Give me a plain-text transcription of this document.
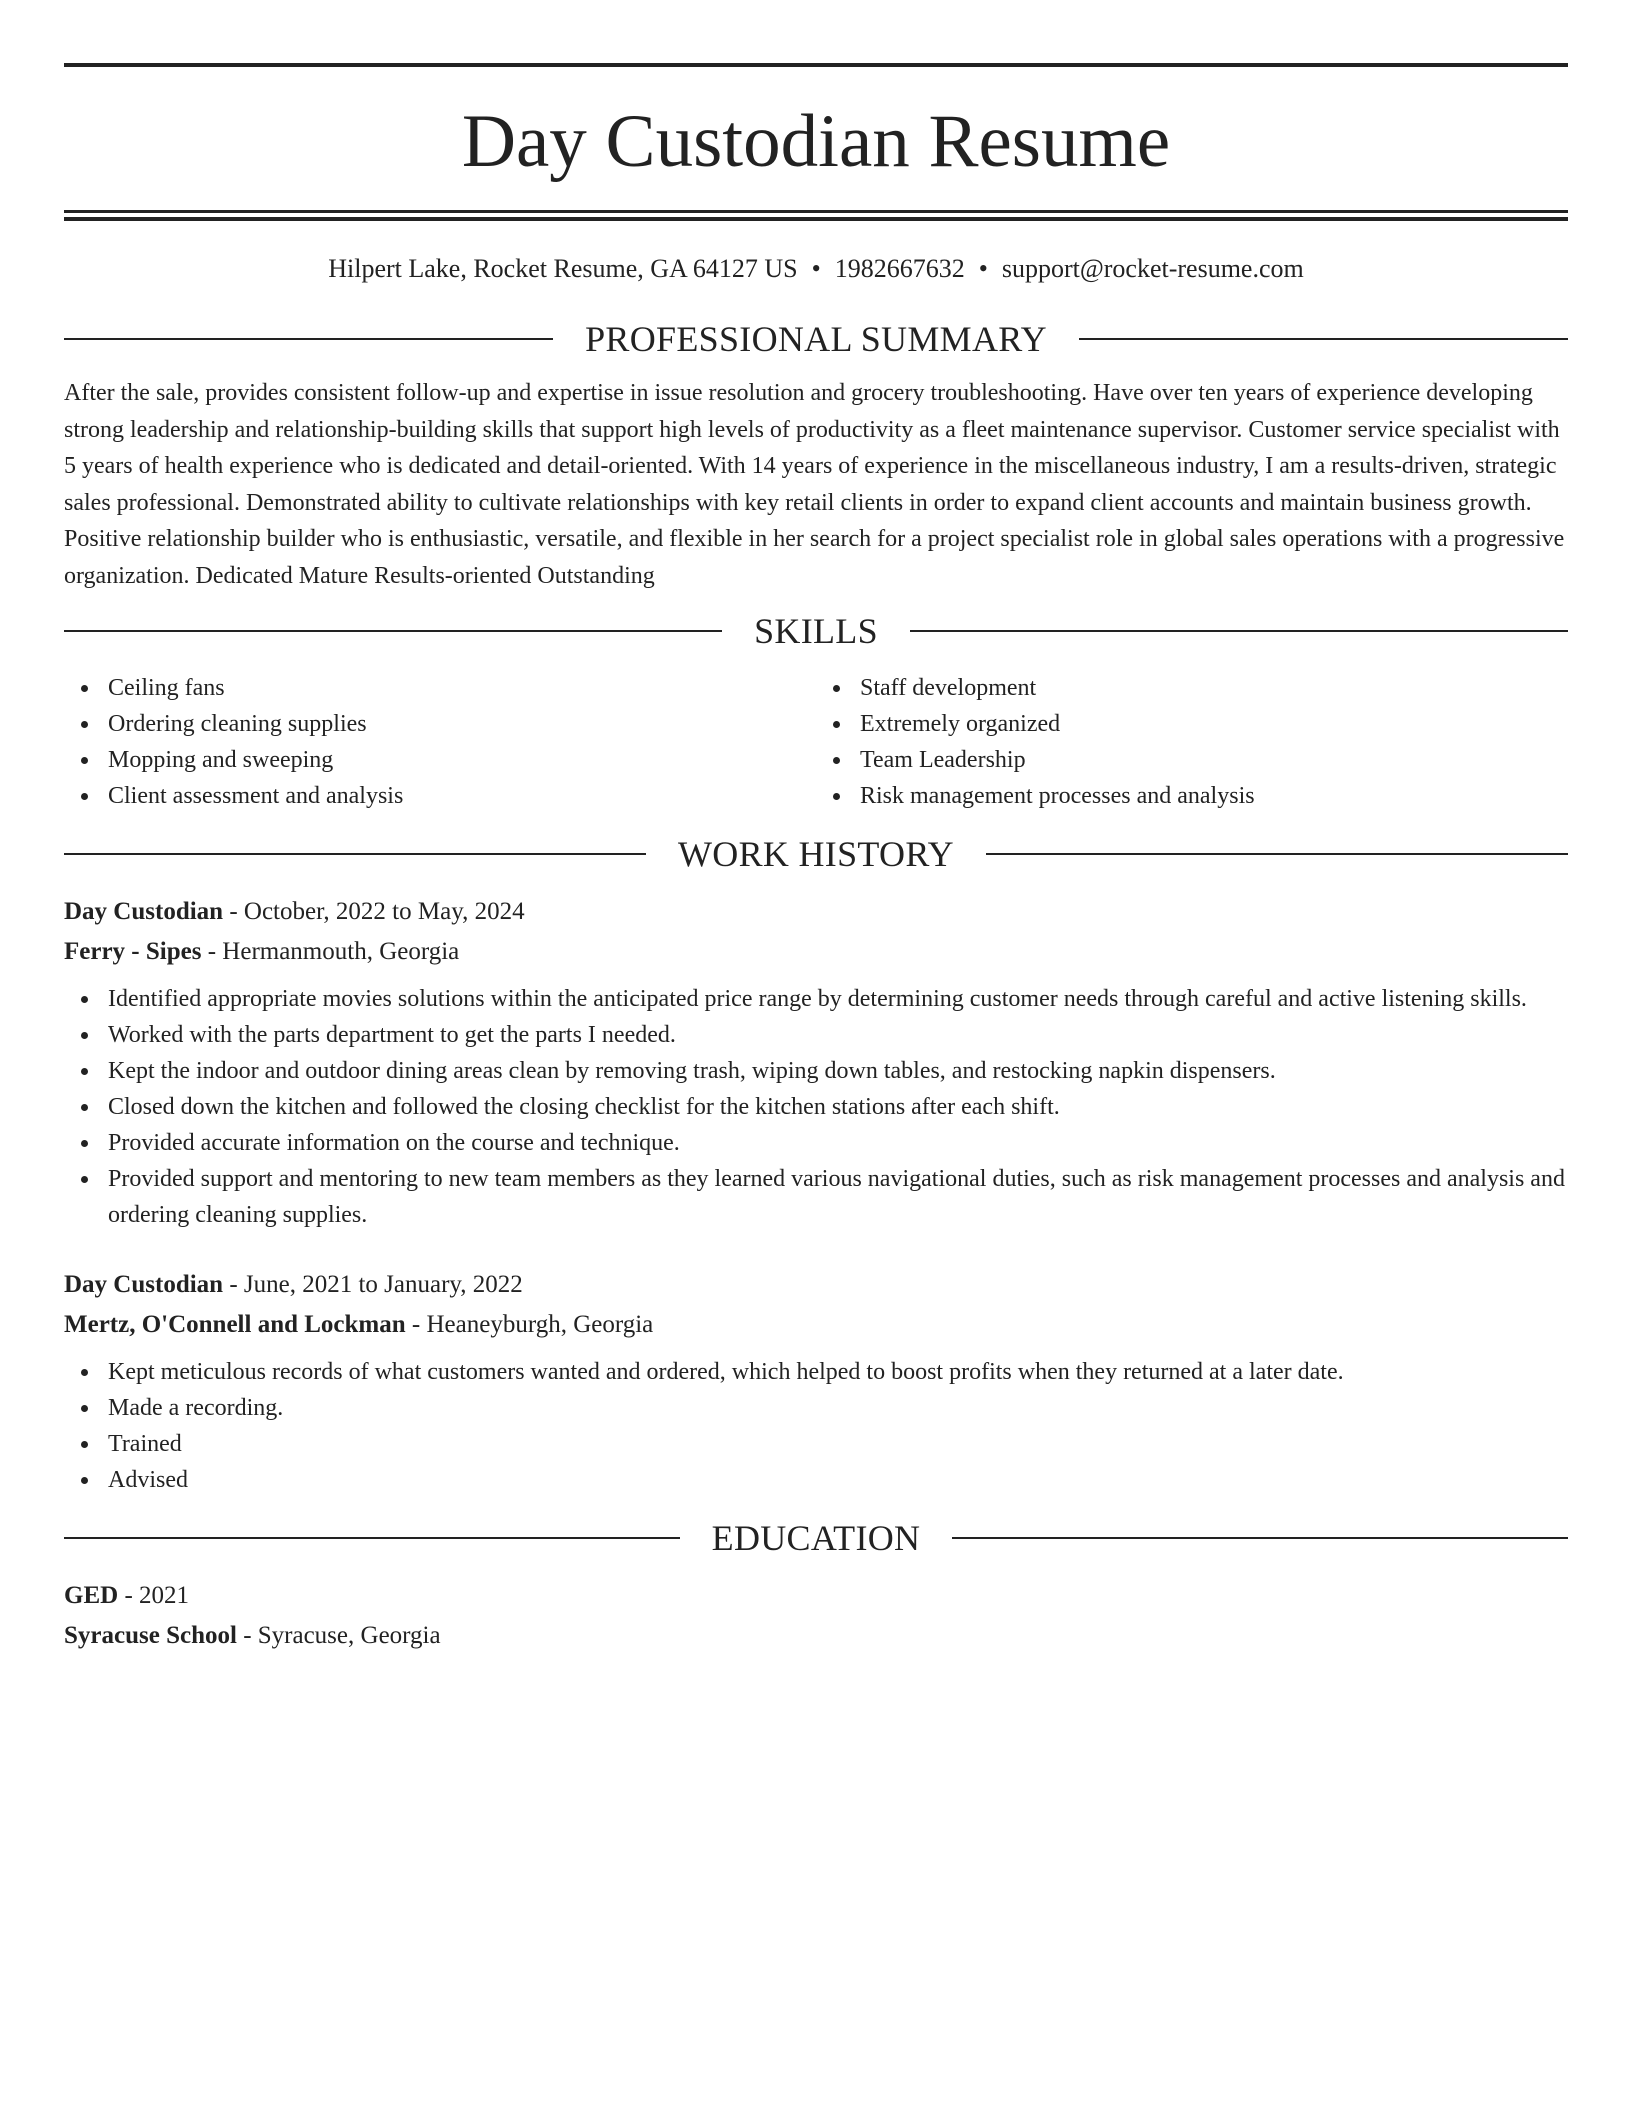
Day Custodian Resume
Hilpert Lake, Rocket Resume, GA 64127 US • 1982667632 • support@rocket-resume.com
PROFESSIONAL SUMMARY

After the sale, provides consistent follow-up and expertise in issue resolution and grocery troubleshooting. Have over ten years of experience developing strong leadership and relationship-building skills that support high levels of productivity as a fleet maintenance supervisor. Customer service specialist with 5 years of health experience who is dedicated and detail-oriented. With 14 years of experience in the miscellaneous industry, I am a results-driven, strategic sales professional. Demonstrated ability to cultivate relationships with key retail clients in order to expand client accounts and maintain business growth. Positive relationship builder who is enthusiastic, versatile, and flexible in her search for a project specialist role in global sales operations with a progressive organization. Dedicated Mature Results-oriented Outstanding

SKILLS
Ceiling fans
Ordering cleaning supplies
Mopping and sweeping
Client assessment and analysis
Staff development
Extremely organized
Team Leadership
Risk management processes and analysis
WORK HISTORY
Day Custodian - October, 2022 to May, 2024
Ferry - Sipes - Hermanmouth, Georgia
Identified appropriate movies solutions within the anticipated price range by determining customer needs through careful and active listening skills.
Worked with the parts department to get the parts I needed.
Kept the indoor and outdoor dining areas clean by removing trash, wiping down tables, and restocking napkin dispensers.
Closed down the kitchen and followed the closing checklist for the kitchen stations after each shift.
Provided accurate information on the course and technique.
Provided support and mentoring to new team members as they learned various navigational duties, such as risk management processes and analysis and ordering cleaning supplies.
Day Custodian - June, 2021 to January, 2022
Mertz, O'Connell and Lockman - Heaneyburgh, Georgia
Kept meticulous records of what customers wanted and ordered, which helped to boost profits when they returned at a later date.
Made a recording.
Trained
Advised
EDUCATION
GED - 2021
Syracuse School - Syracuse, Georgia
